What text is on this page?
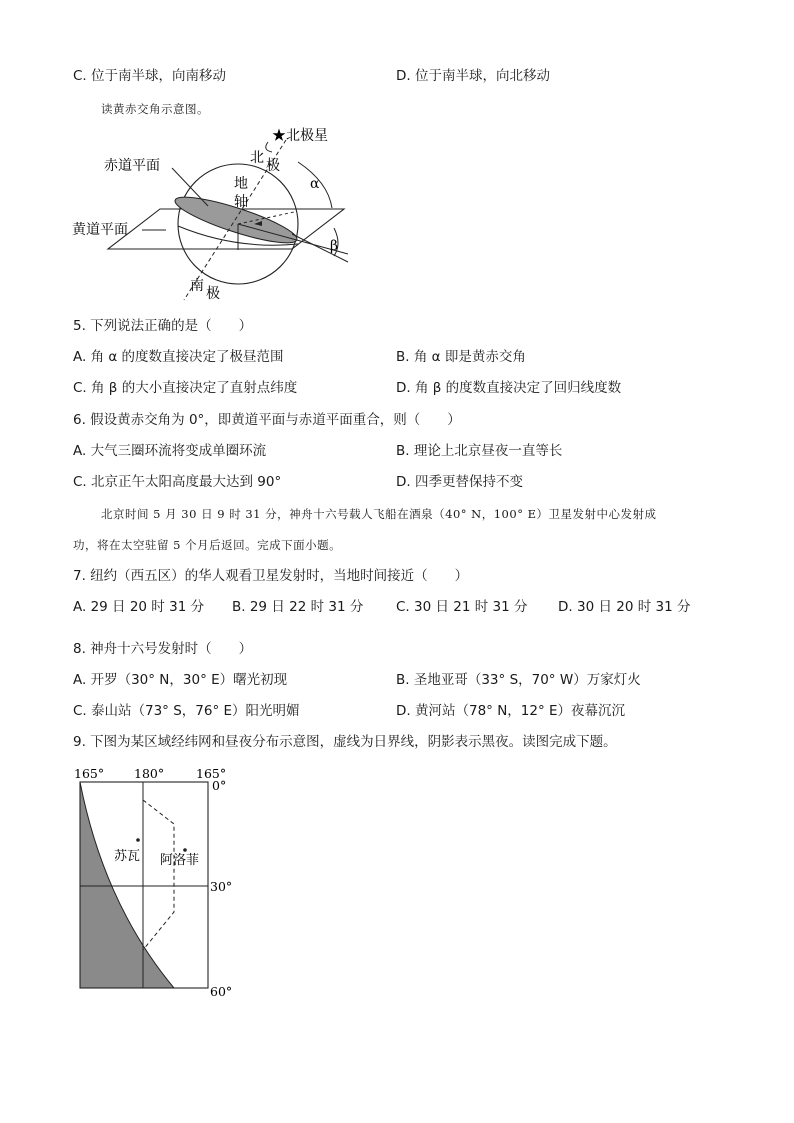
C. 位于南半球，向南移动	D. 位于南半球，向北移动
读黄赤交角示意图。
★北极星
赤道平面
黄道平面
北 极
地
轴
南 极
α
β
5. 下列说法正确的是（　　）
A. 角 α 的度数直接决定了极昼范围	B. 角 α 即是黄赤交角
C. 角 β 的大小直接决定了直射点纬度	D. 角 β 的度数直接决定了回归线度数
6. 假设黄赤交角为 0°，即黄道平面与赤道平面重合，则（　　）
A. 大气三圈环流将变成单圈环流	B. 理论上北京昼夜一直等长
C. 北京正午太阳高度最大达到 90°	D. 四季更替保持不变
北京时间 5 月 30 日 9 时 31 分，神舟十六号载人飞船在酒泉（40° N，100° E）卫星发射中心发射成
功，将在太空驻留 5 个月后返回。完成下面小题。
7. 纽约（西五区）的华人观看卫星发射时，当地时间接近（　　）
A. 29 日 20 时 31 分 B. 29 日 22 时 31 分 C. 30 日 21 时 31 分 D. 30 日 20 时 31 分
8. 神舟十六号发射时（　　）
A. 开罗（30° N，30° E）曙光初现	B. 圣地亚哥（33° S，70° W）万家灯火
C. 泰山站（73° S，76° E）阳光明媚	D. 黄河站（78° N，12° E）夜幕沉沉
9. 下图为某区域经纬网和昼夜分布示意图，虚线为日界线，阴影表示黑夜。读图完成下题。
165° 180°	165°
0°
30°
60°
苏瓦 阿洛菲
